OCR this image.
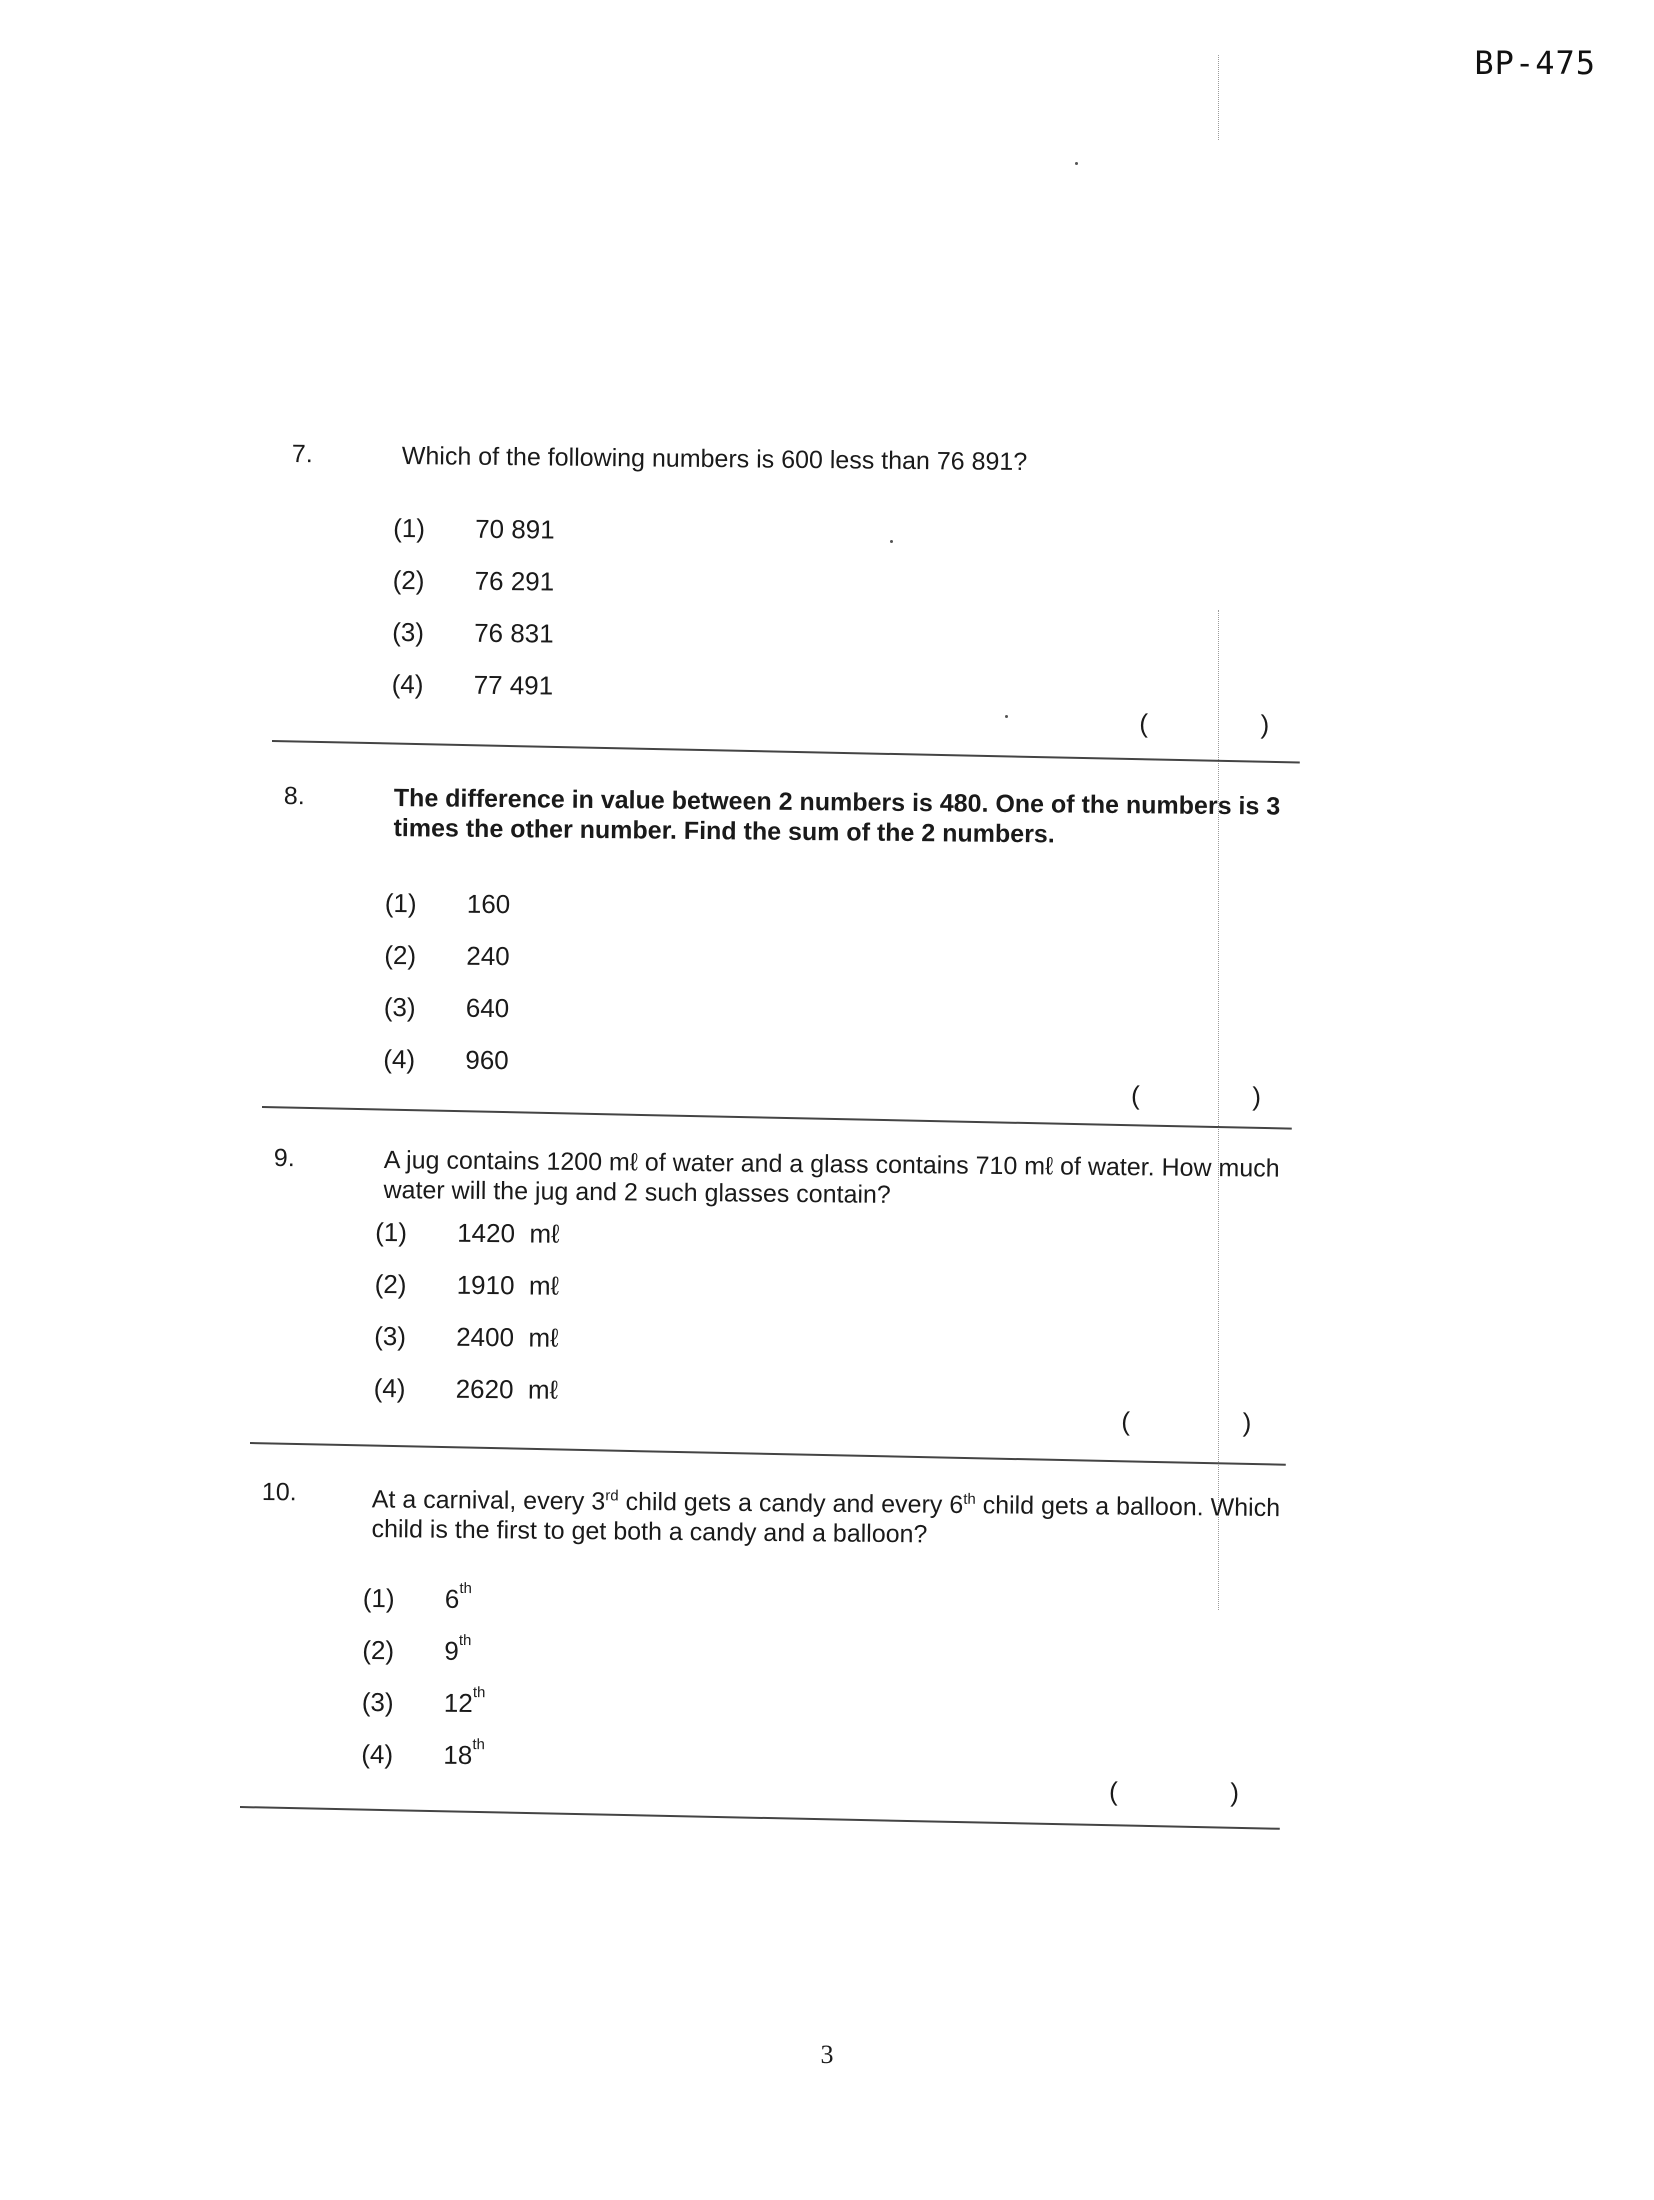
BP-475
7.	Which of the following numbers is 600 less than 76 891?
(1)	70 891
(2)	76 291
(3)	76 831
(4)	77 491
(	)
8.	The difference in value between 2 numbers is 480. One of the numbers is 3 times the other number. Find the sum of the 2 numbers.
(1)	160
(2)	240
(3)	640
(4)	960
(	)
9.	A jug contains 1200 mℓ of water and a glass contains 710 mℓ of water. How much water will the jug and 2 such glasses contain?
(1)	1420  mℓ
(2)	1910  mℓ
(3)	2400  mℓ
(4)	2620  mℓ
(	)
10.	At a carnival, every 3rd child gets a candy and every 6th child gets a balloon. Which child is the first to get both a candy and a balloon?
(1)	6th
(2)	9th
(3)	12th
(4)	18th
(	)
3
